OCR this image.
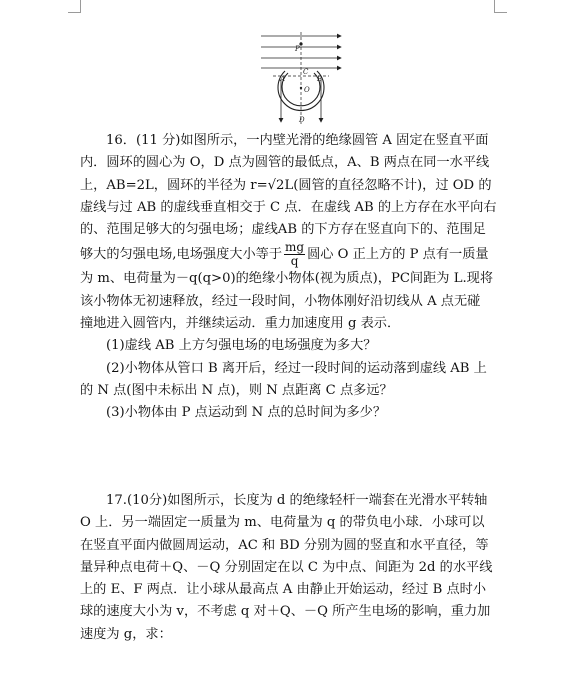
P
A	B
C
O
D
16．(11 分)如图所示，一内壁光滑的绝缘圆管 A 固定在竖直平面
内．圆环的圆心为 O，D 点为圆管的最低点，A、B 两点在同一水平线
上，AB=2L，圆环的半径为 r=√2L(圆管的直径忽略不计)，过 OD 的
虚线与过 AB 的虚线垂直相交于 C 点．在虚线 AB 的上方存在水平向右
的、范围足够大的匀强电场；虚线AB 的下方存在竖直向下的、范围足
够大的匀强电场,电场强度大小等于 $\frac{mg}{q}$ 圆心 O 正上方的 P 点有一质量
为 m、电荷量为－q(q>0)的绝缘小物体(视为质点)，PC间距为 L.现将
该小物体无初速释放，经过一段时间，小物体刚好沿切线从 A 点无碰
撞地进入圆管内，并继续运动．重力加速度用 g 表示．
(1)虚线 AB 上方匀强电场的电场强度为多大？
(2)小物体从管口 B 离开后，经过一段时间的运动落到虚线 AB 上
的 N 点(图中未标出 N 点)，则 N 点距离 C 点多远？
(3)小物体由 P 点运动到 N 点的总时间为多少？
17.(10分)如图所示，长度为 d 的绝缘轻杆一端套在光滑水平转轴
O 上．另一端固定一质量为 m、电荷量为 q 的带负电小球．小球可以
在竖直平面内做圆周运动，AC 和 BD 分别为圆的竖直和水平直径，等
量异种点电荷＋Q、－Q 分别固定在以 C 为中点、间距为 2d 的水平线
上的 E、F 两点．让小球从最高点 A 由静止开始运动，经过 B 点时小
球的速度大小为 v，不考虑 q 对＋Q、－Q 所产生电场的影响，重力加
速度为 g，求：
